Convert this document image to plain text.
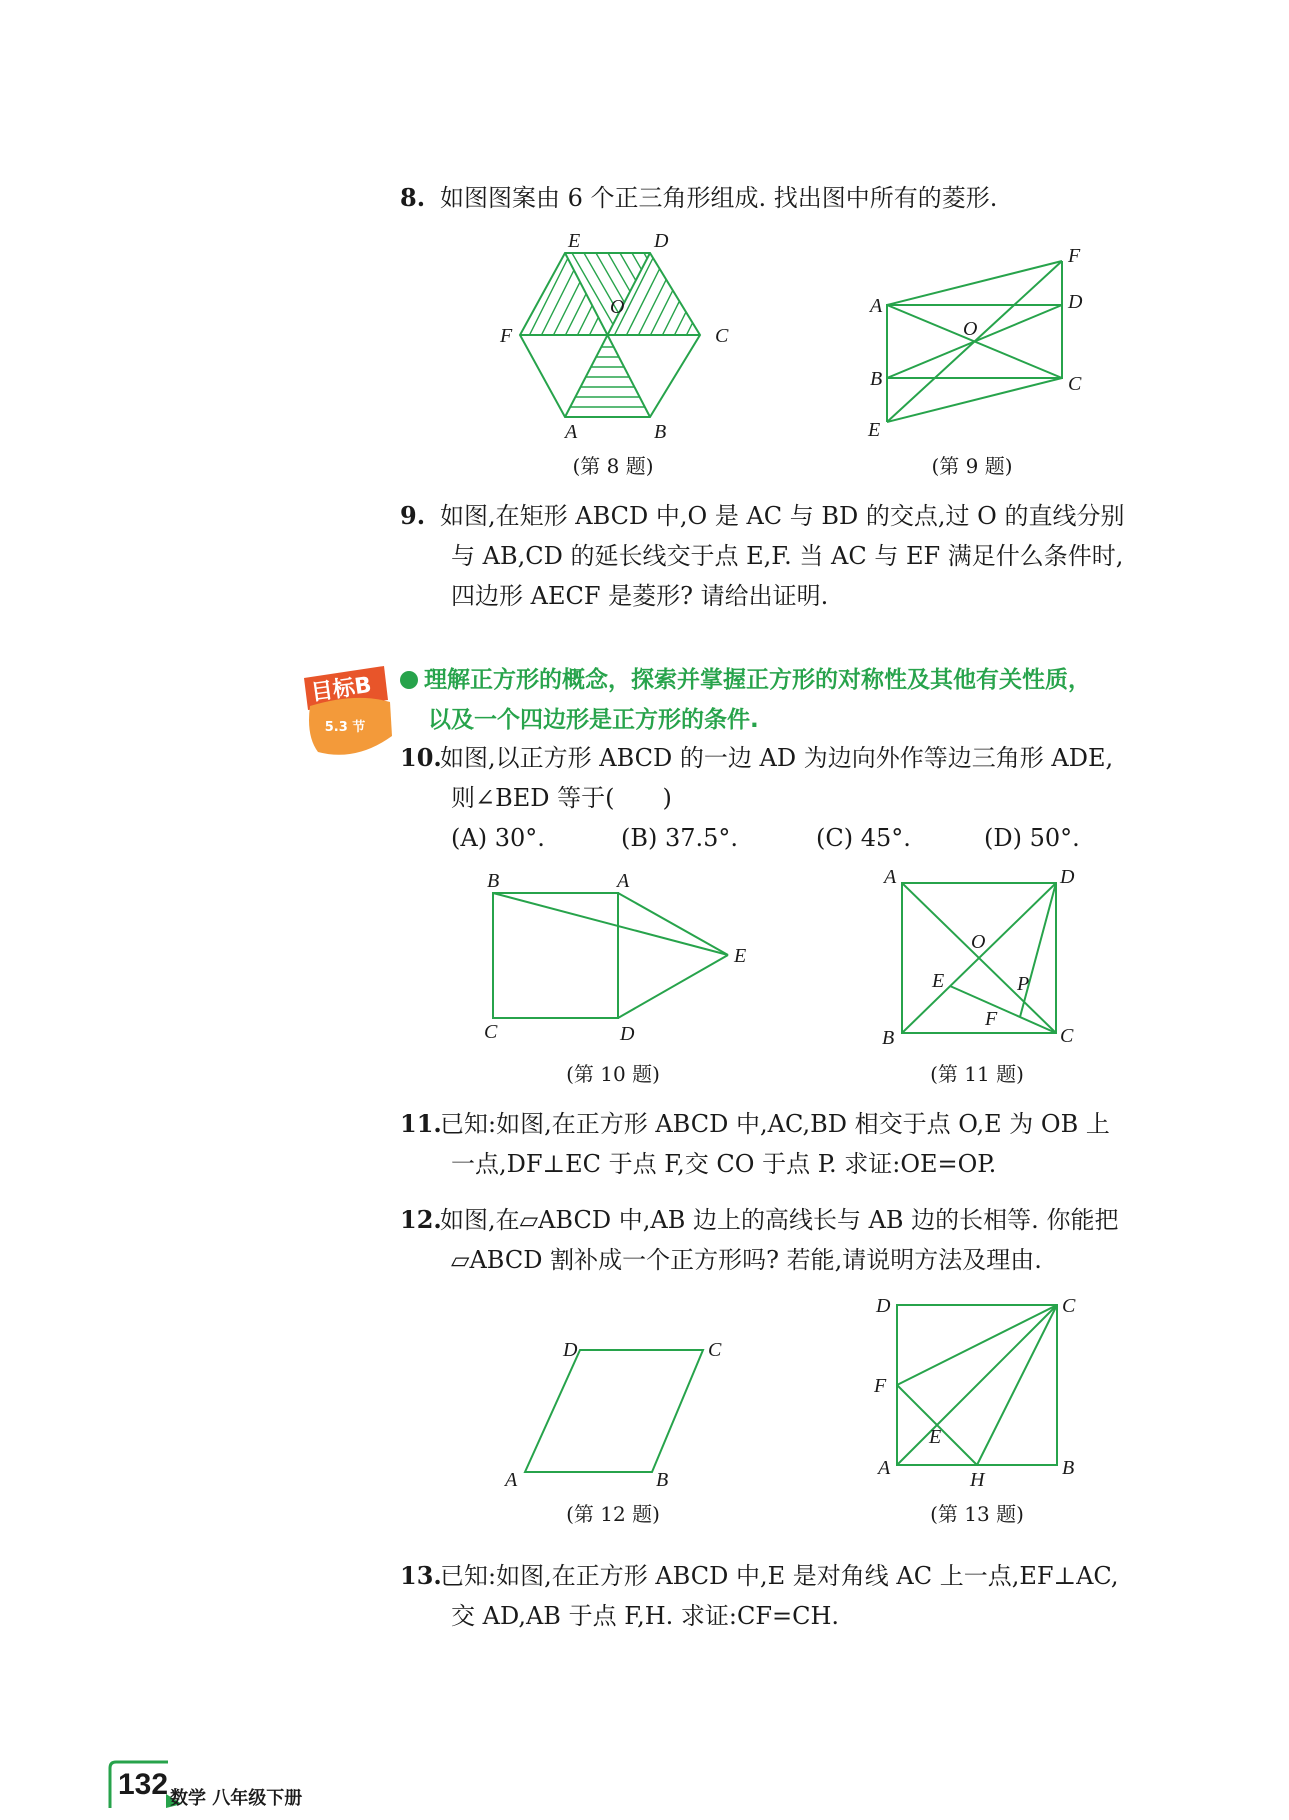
8. 如图图案由 6 个正三角形组成. 找出图中所有的菱形.
E	D
O
F	C
A	B
(第 8 题)
F
A	D
O
B	C
E
(第 9 题)
9. 如图,在矩形 ABCD 中,O 是 AC 与 BD 的交点,过 O 的直线分别
与 AB,CD 的延长线交于点 E,F. 当 AC 与 EF 满足什么条件时,
四边形 AECF 是菱形? 请给出证明.
目标B
5.3 节
理解正方形的概念，探索并掌握正方形的对称性及其他有关性质，
以及一个四边形是正方形的条件.
10.如图,以正方形 ABCD 的一边 AD 为边向外作等边三角形 ADE,
则∠BED 等于(　　)
(A) 30°.	(B) 37.5°.	(C) 45°.	(D) 50°.
B	A
E
C	D
(第 10 题)
A	D
O
E	P
F
B	C
(第 11 题)
11.已知:如图,在正方形 ABCD 中,AC,BD 相交于点 O,E 为 OB 上
一点,DF⊥EC 于点 F,交 CO 于点 P. 求证:OE=OP.
12.如图,在▱ABCD 中,AB 边上的高线长与 AB 边的长相等. 你能把
▱ABCD 割补成一个正方形吗? 若能,请说明方法及理由.
D	C
A	B
(第 12 题)
D	C
F
E
A
H
B
(第 13 题)
13.已知:如图,在正方形 ABCD 中,E 是对角线 AC 上一点,EF⊥AC,
交 AD,AB 于点 F,H. 求证:CF=CH.
132 数学 八年级下册
